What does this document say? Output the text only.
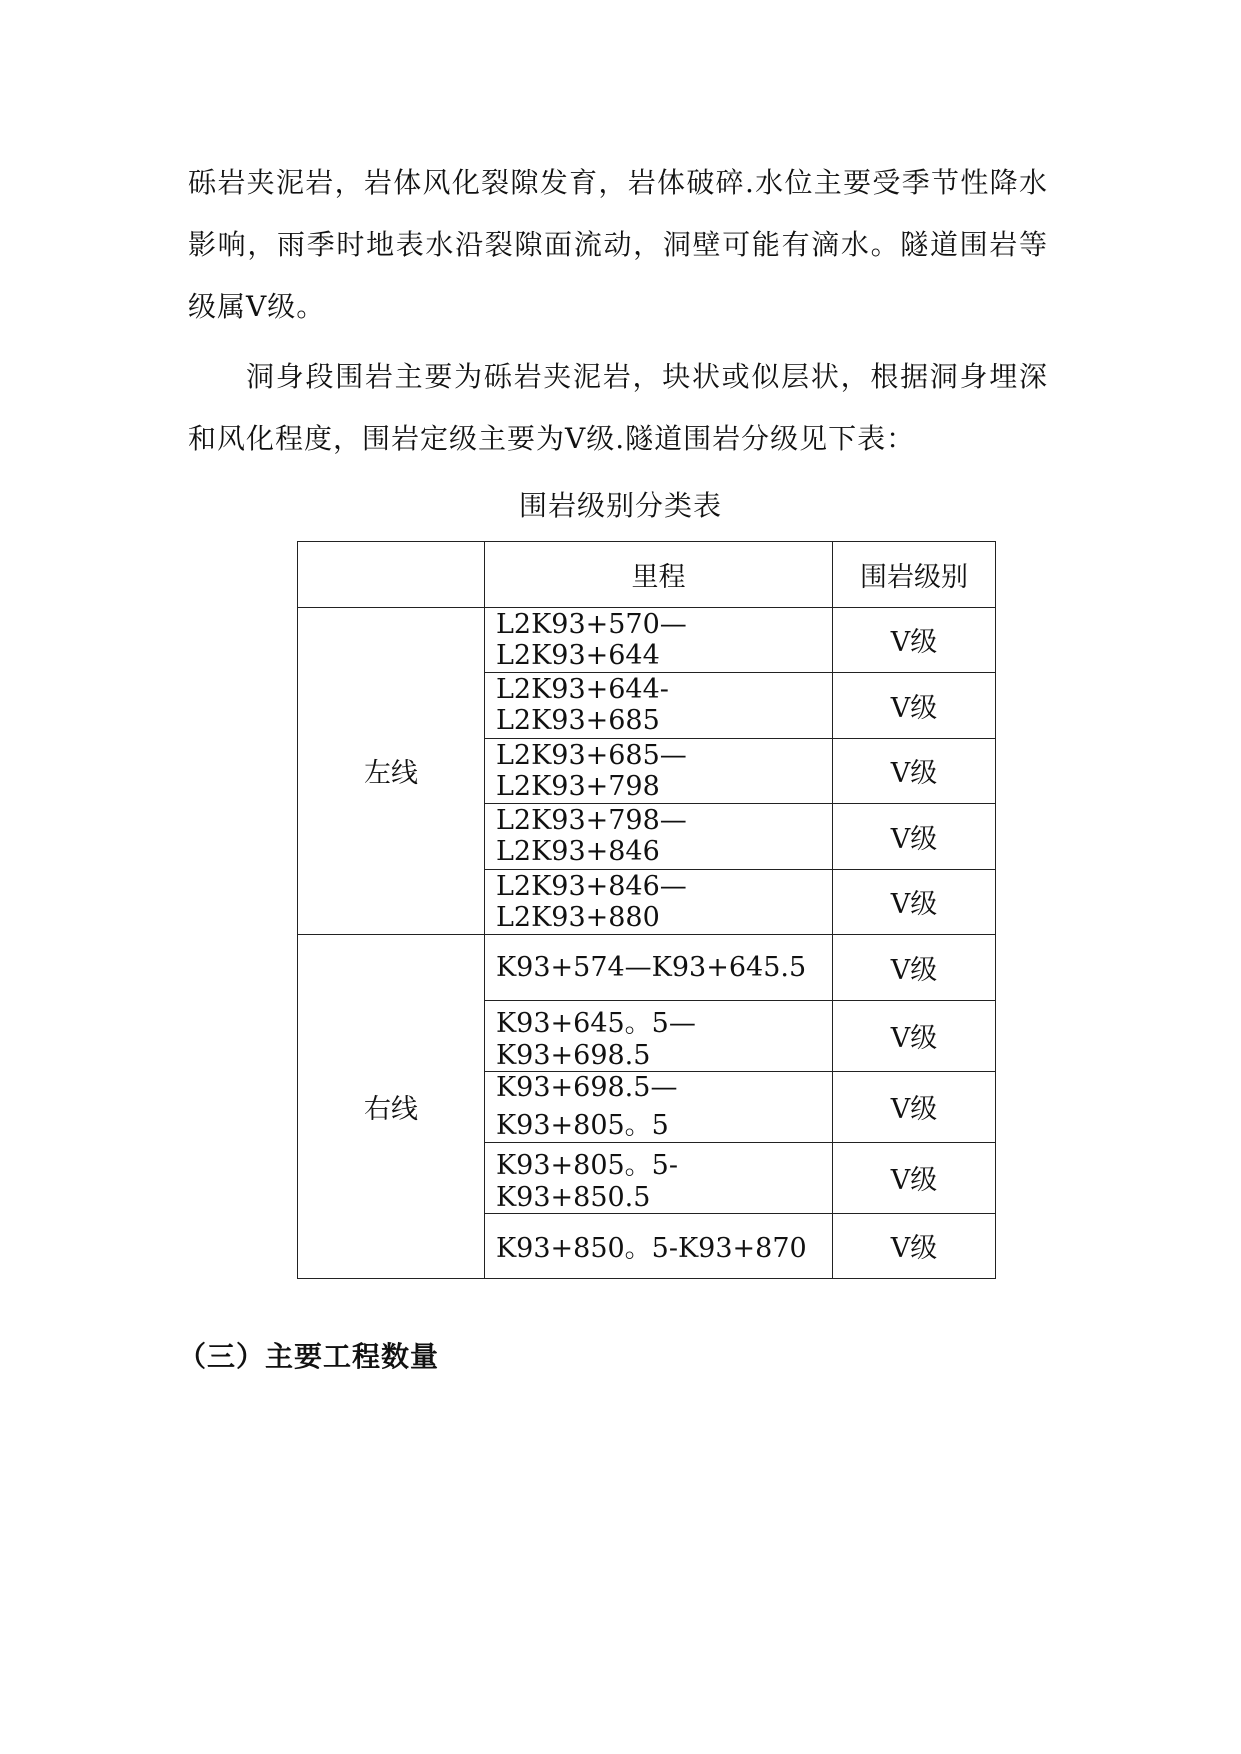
砾岩夹泥岩，岩体风化裂隙发育，岩体破碎.水位主要受季节性降水影响，雨季时地表水沿裂隙面流动，洞壁可能有滴水。隧道围岩等级属Ⅴ级。

洞身段围岩主要为砾岩夹泥岩，块状或似层状，根据洞身埋深和风化程度，围岩定级主要为Ⅴ级.隧道围岩分级见下表：

围岩级别分类表
	里程	围岩级别
左线	L2K93+570—L2K93+644	Ⅴ级
	L2K93+644-L2K93+685	Ⅴ级
	L2K93+685—L2K93+798	Ⅴ级
	L2K93+798—L2K93+846	Ⅴ级
	L2K93+846—L2K93+880	Ⅴ级
右线	K93+574—K93+645.5	Ⅴ级
	K93+645。5—K93+698.5	Ⅴ级
	K93+698.5—K93+805。5	Ⅴ级
	K93+805。5-K93+850.5	Ⅴ级
	K93+850。5-K93+870	Ⅴ级
（三）主要工程数量
